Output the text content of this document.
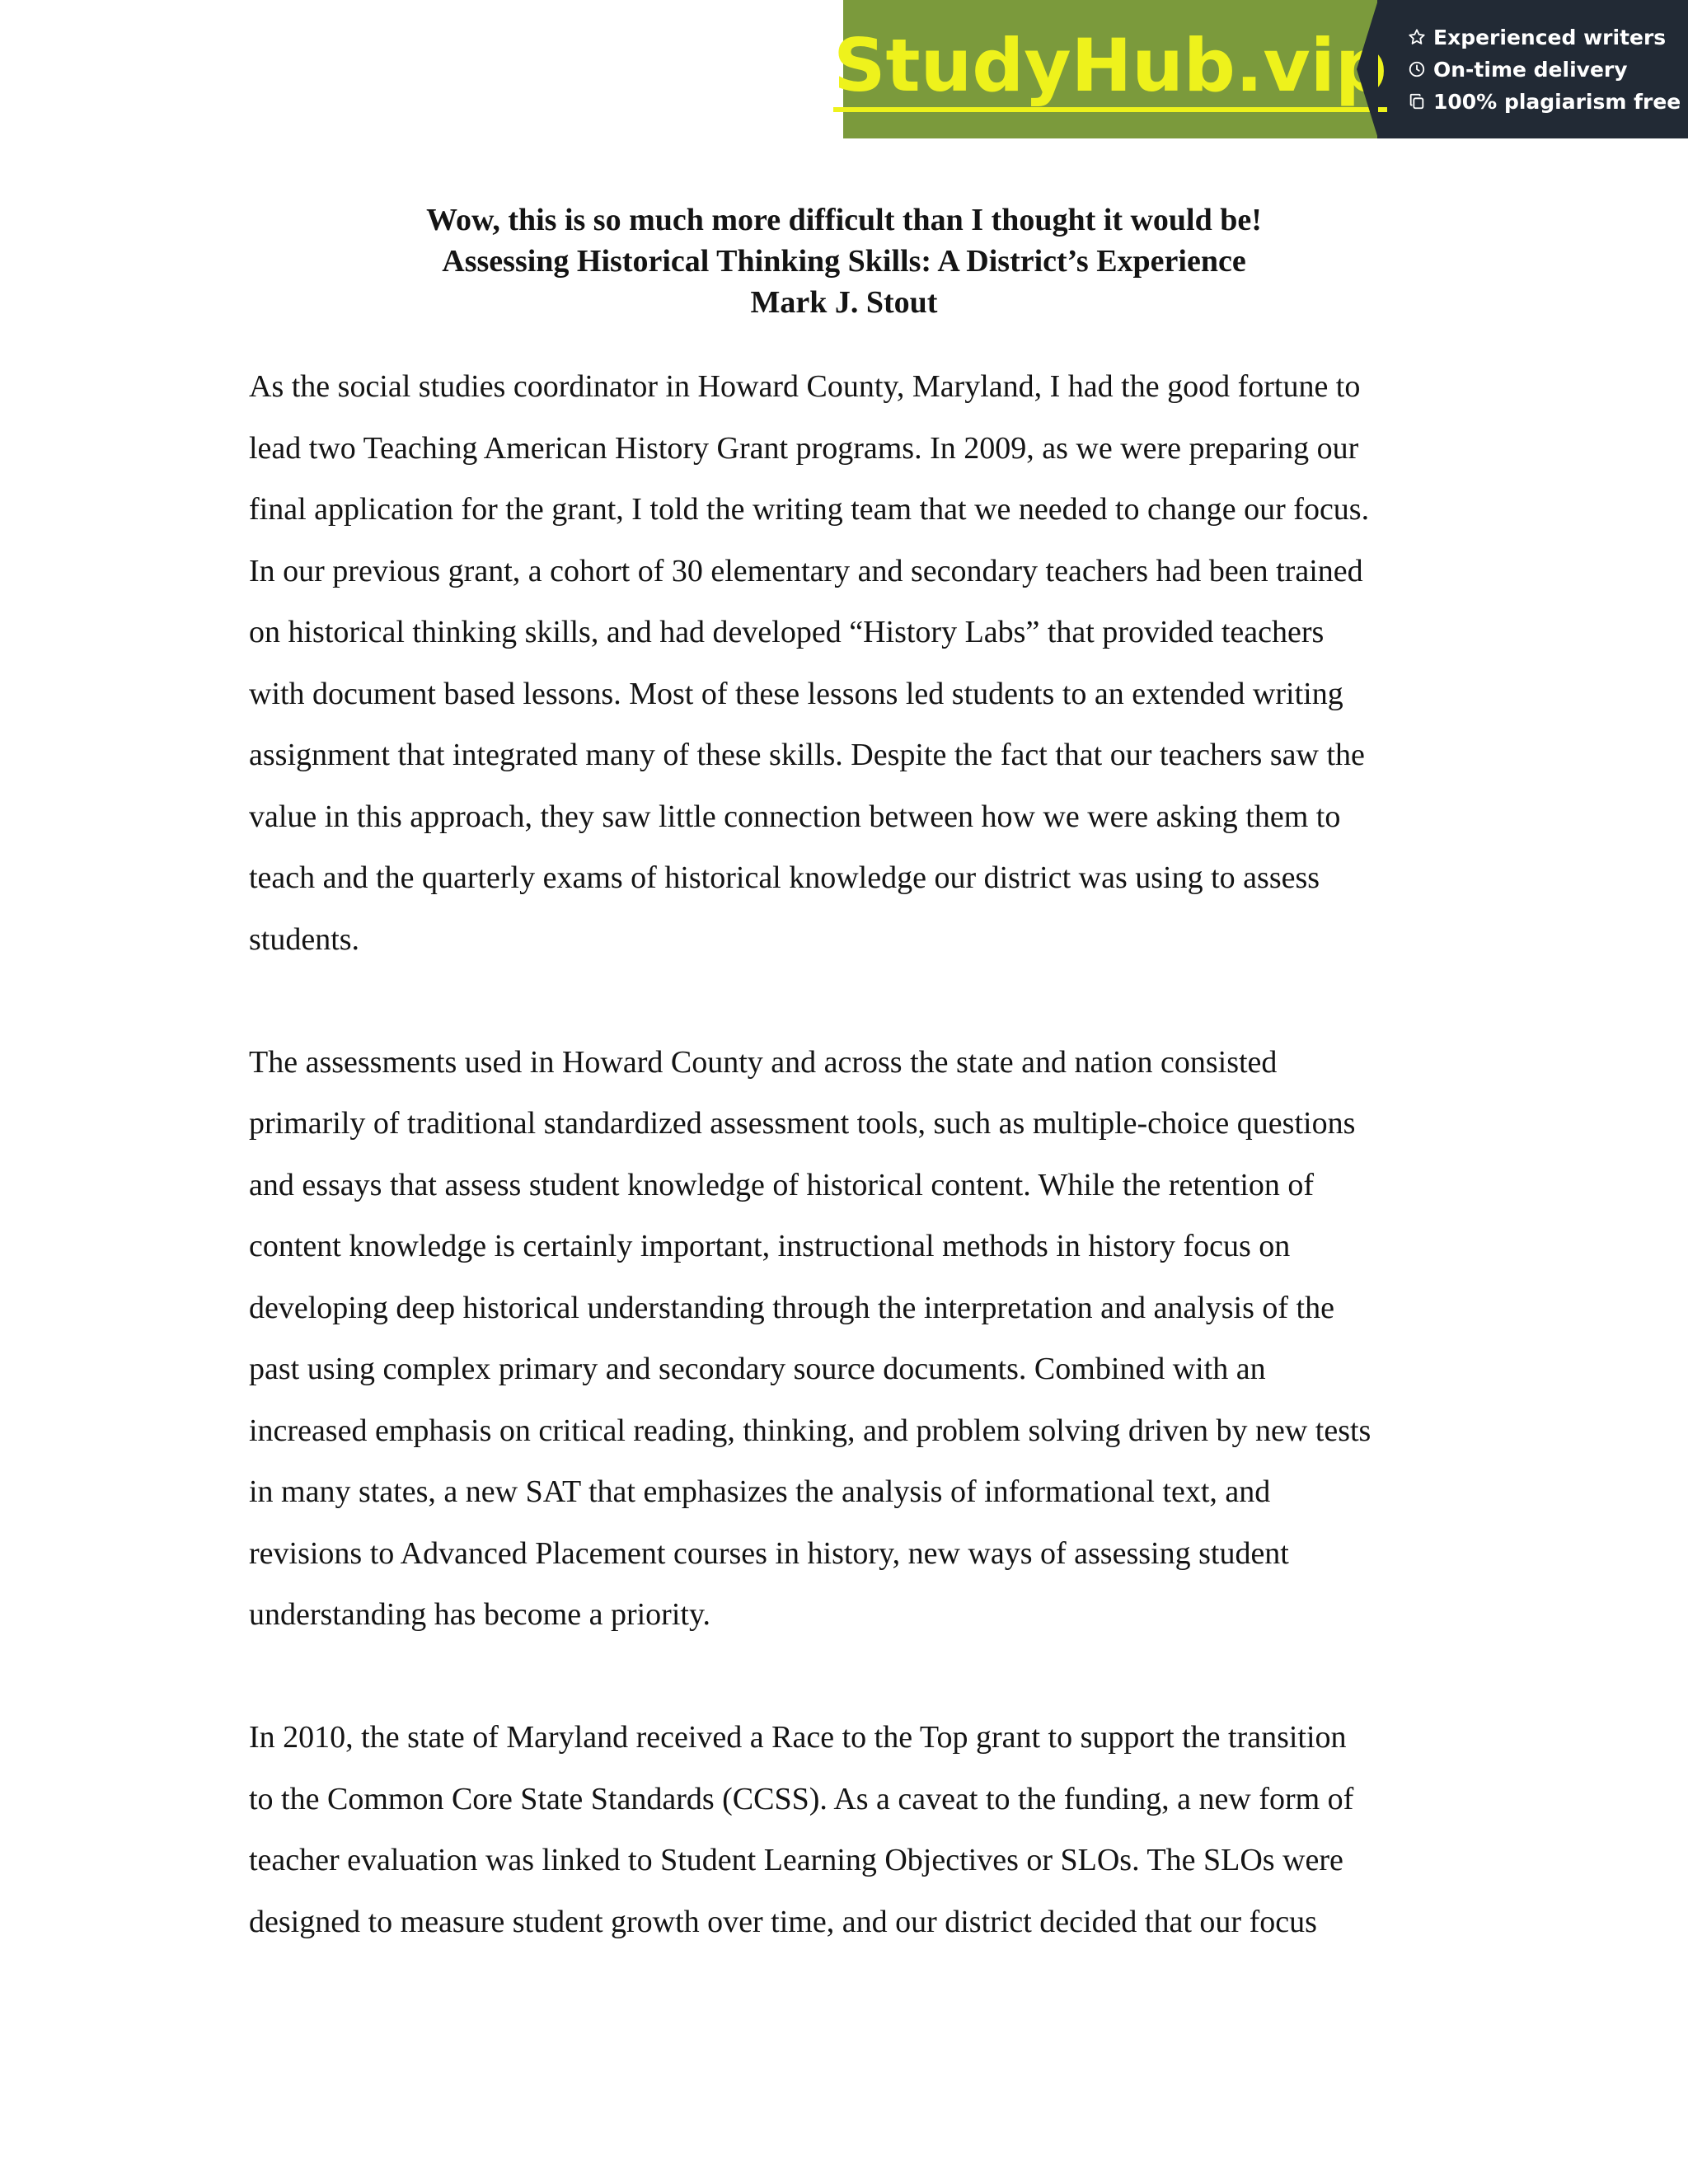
StudyHub.vip Experienced writers
On-time delivery
100% plagiarism free
Wow, this is so much more difficult than I thought it would be!
Assessing Historical Thinking Skills: A District’s Experience
Mark J. Stout

As the social studies coordinator in Howard County, Maryland, I had the good fortune to
lead two Teaching American History Grant programs. In 2009, as we were preparing our
final application for the grant, I told the writing team that we needed to change our focus.
In our previous grant, a cohort of 30 elementary and secondary teachers had been trained
on historical thinking skills, and had developed “History Labs” that provided teachers
with document based lessons. Most of these lessons led students to an extended writing
assignment that integrated many of these skills. Despite the fact that our teachers saw the
value in this approach, they saw little connection between how we were asking them to
teach and the quarterly exams of historical knowledge our district was using to assess
students.

The assessments used in Howard County and across the state and nation consisted
primarily of traditional standardized assessment tools, such as multiple-choice questions
and essays that assess student knowledge of historical content. While the retention of
content knowledge is certainly important, instructional methods in history focus on
developing deep historical understanding through the interpretation and analysis of the
past using complex primary and secondary source documents. Combined with an
increased emphasis on critical reading, thinking, and problem solving driven by new tests
in many states, a new SAT that emphasizes the analysis of informational text, and
revisions to Advanced Placement courses in history, new ways of assessing student
understanding has become a priority.

In 2010, the state of Maryland received a Race to the Top grant to support the transition
to the Common Core State Standards (CCSS). As a caveat to the funding, a new form of
teacher evaluation was linked to Student Learning Objectives or SLOs. The SLOs were
designed to measure student growth over time, and our district decided that our focus
